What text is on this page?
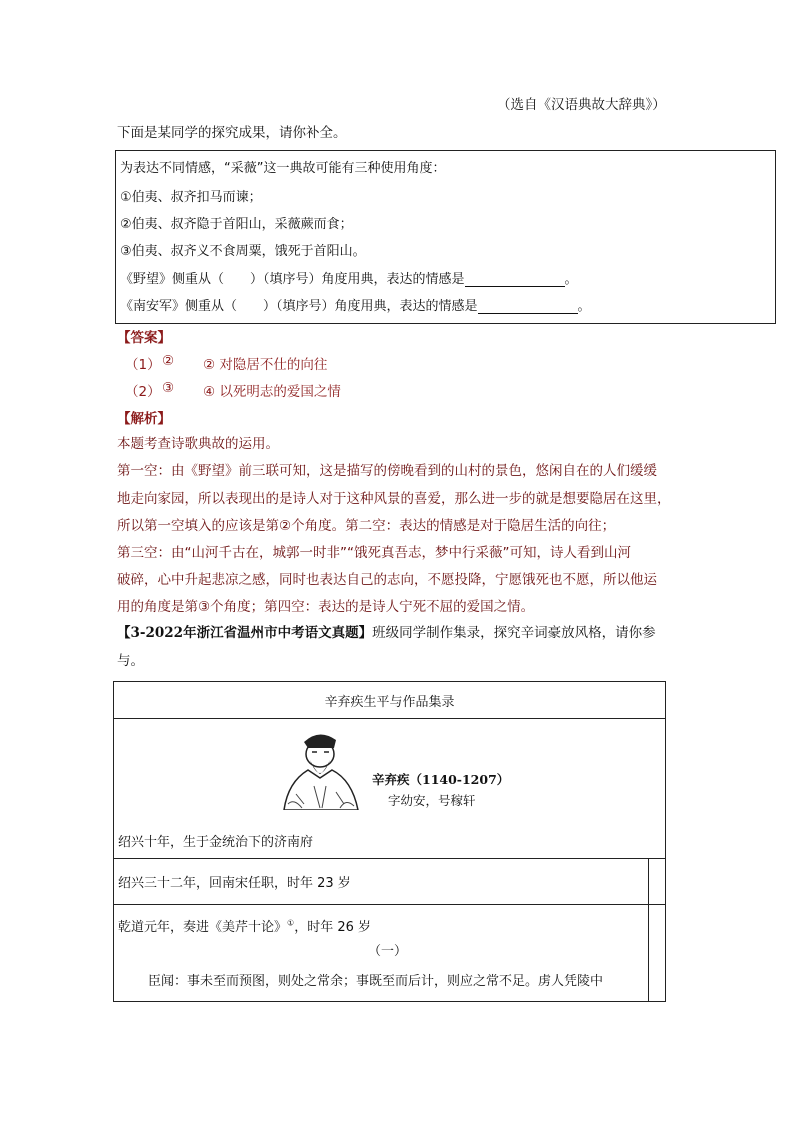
（选自《汉语典故大辞典》）
下面是某同学的探究成果，请你补全。
为表达不同情感，“采薇”这一典故可能有三种使用角度：
①伯夷、叔齐扣马而谏；
②伯夷、叔齐隐于首阳山，采薇蕨而食；
③伯夷、叔齐义不食周粟，饿死于首阳山。
《野望》侧重从（　　）（填序号）角度用典，表达的情感是	。
《南安军》侧重从（　　）（填序号）角度用典，表达的情感是	。
【答案】
（1） ② ② 对隐居不仕的向往
（2） ③ ④ 以死明志的爱国之情
【解析】
本题考查诗歌典故的运用。
第一空：由《野望》前三联可知，这是描写的傍晚看到的山村的景色，悠闲自在的人们缓缓
地走向家园，所以表现出的是诗人对于这种风景的喜爱，那么进一步的就是想要隐居在这里，
所以第一空填入的应该是第②个角度。第二空：表达的情感是对于隐居生活的向往；
第三空：由“山河千古在，城郭一时非”“饿死真吾志，梦中行采薇”可知，诗人看到山河
破碎，心中升起悲凉之感，同时也表达自己的志向，不愿投降，宁愿饿死也不愿，所以他运
用的角度是第③个角度；第四空：表达的是诗人宁死不屈的爱国之情。
【3-2022年浙江省温州市中考语文真题】班级同学制作集录，探究辛词豪放风格，请你参
与。
辛弃疾生平与作品集录
辛弃疾（1140-1207）
字幼安，号稼轩
绍兴十年，生于金统治下的济南府
绍兴三十二年，回南宋任职，时年 23 岁
乾道元年，奏进《美芹十论》①，时年 26 岁
（一）
臣闻：事未至而预图，则处之常余；事既至而后计，则应之常不足。虏人凭陵中
